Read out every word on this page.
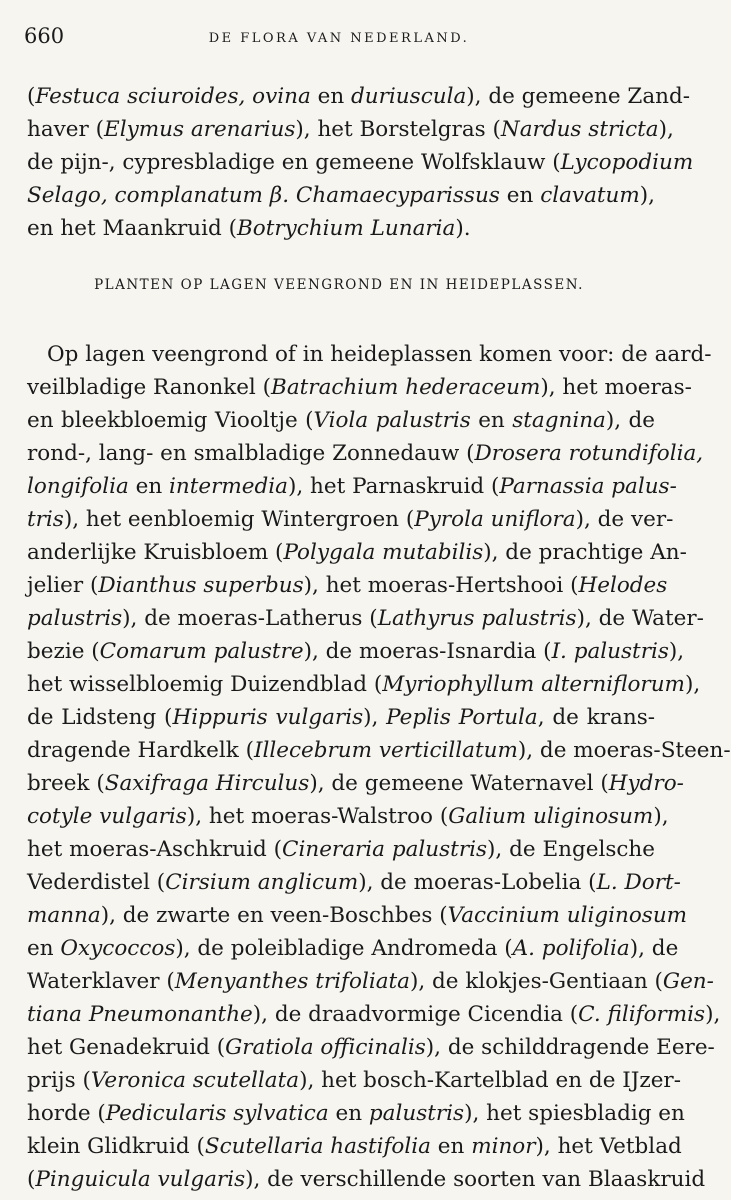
660	DE FLORA VAN NEDERLAND.
(Festuca sciuroides, ovina en duriuscula), de gemeene Zand-
haver (Elymus arenarius), het Borstelgras (Nardus stricta),
de pijn-, cypresbladige en gemeene Wolfsklauw (Lycopodium
Selago, complanatum β. Chamaecyparissus en clavatum),
en het Maankruid (Botrychium Lunaria).
PLANTEN OP LAGEN VEENGROND EN IN HEIDEPLASSEN.
Op lagen veengrond of in heideplassen komen voor: de aard-
veilbladige Ranonkel (Batrachium hederaceum), het moeras-
en bleekbloemig Viooltje (Viola palustris en stagnina), de
rond-, lang- en smalbladige Zonnedauw (Drosera rotundifolia,
longifolia en intermedia), het Parnaskruid (Parnassia palus-
tris), het eenbloemig Wintergroen (Pyrola uniflora), de ver-
anderlijke Kruisbloem (Polygala mutabilis), de prachtige An-
jelier (Dianthus superbus), het moeras-Hertshooi (Helodes
palustris), de moeras-Latherus (Lathyrus palustris), de Water-
bezie (Comarum palustre), de moeras-Isnardia (I. palustris),
het wisselbloemig Duizendblad (Myriophyllum alterniflorum),
de Lidsteng (Hippuris vulgaris), Peplis Portula, de krans-
dragende Hardkelk (Illecebrum verticillatum), de moeras-Steen-
breek (Saxifraga Hirculus), de gemeene Waternavel (Hydro-
cotyle vulgaris), het moeras-Walstroo (Galium uliginosum),
het moeras-Aschkruid (Cineraria palustris), de Engelsche
Vederdistel (Cirsium anglicum), de moeras-Lobelia (L. Dort-
manna), de zwarte en veen-Boschbes (Vaccinium uliginosum
en Oxycoccos), de poleibladige Andromeda (A. polifolia), de
Waterklaver (Menyanthes trifoliata), de klokjes-Gentiaan (Gen-
tiana Pneumonanthe), de draadvormige Cicendia (C. filiformis),
het Genadekruid (Gratiola officinalis), de schilddragende Eere-
prijs (Veronica scutellata), het bosch-Kartelblad en de IJzer-
horde (Pedicularis sylvatica en palustris), het spiesbladig en
klein Glidkruid (Scutellaria hastifolia en minor), het Vetblad
(Pinguicula vulgaris), de verschillende soorten van Blaaskruid
